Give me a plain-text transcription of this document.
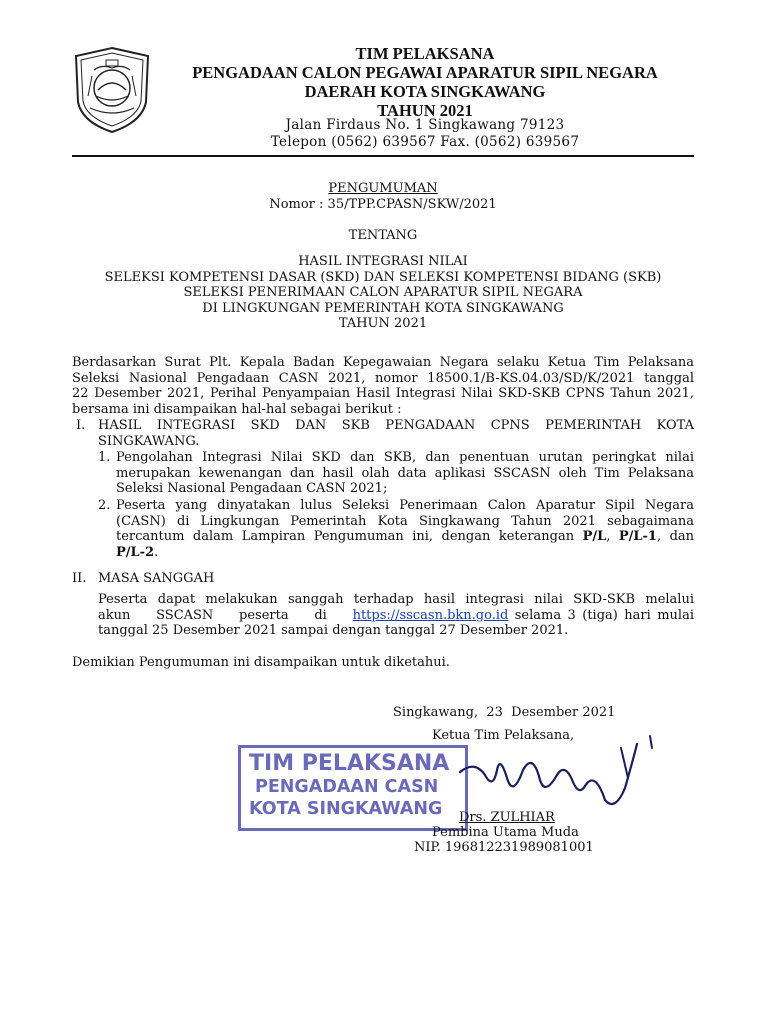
TIM PELAKSANA
PENGADAAN CALON PEGAWAI APARATUR SIPIL NEGARA
DAERAH KOTA SINGKAWANG
TAHUN 2021
Jalan Firdaus No. 1 Singkawang 79123
Telepon (0562) 639567 Fax. (0562) 639567
PENGUMUMAN
Nomor : 35/TPP.CPASN/SKW/2021
TENTANG
HASIL INTEGRASI NILAI
SELEKSI KOMPETENSI DASAR (SKD) DAN SELEKSI KOMPETENSI BIDANG (SKB)
SELEKSI PENERIMAAN CALON APARATUR SIPIL NEGARA
DI LINGKUNGAN PEMERINTAH KOTA SINGKAWANG
TAHUN 2021
Berdasarkan Surat Plt. Kepala Badan Kepegawaian Negara selaku Ketua Tim Pelaksana
Seleksi Nasional Pengadaan CASN 2021, nomor 18500.1/B-KS.04.03/SD/K/2021 tanggal
22 Desember 2021, Perihal Penyampaian Hasil Integrasi Nilai SKD-SKB CPNS Tahun 2021,
bersama ini disampaikan hal-hal sebagai berikut :
I. HASIL INTEGRASI SKD DAN SKB PENGADAAN CPNS PEMERINTAH KOTA
SINGKAWANG.
1. Pengolahan Integrasi Nilai SKD dan SKB, dan penentuan urutan peringkat nilai
merupakan kewenangan dan hasil olah data aplikasi SSCASN oleh Tim Pelaksana
Seleksi Nasional Pengadaan CASN 2021;
2. Peserta yang dinyatakan lulus Seleksi Penerimaan Calon Aparatur Sipil Negara
(CASN) di Lingkungan Pemerintah Kota Singkawang Tahun 2021 sebagaimana
tercantum dalam Lampiran Pengumuman ini, dengan keterangan P/L, P/L-1, dan
P/L-2.
II. MASA SANGGAH
Peserta dapat melakukan sanggah terhadap hasil integrasi nilai SKD-SKB melalui
akun    SSCASN    peserta    di    https://sscasn.bkn.go.id selama 3 (tiga) hari mulai
tanggal 25 Desember 2021 sampai dengan tanggal 27 Desember 2021.
Demikian Pengumuman ini disampaikan untuk diketahui.
Singkawang,  23  Desember 2021
Ketua Tim Pelaksana,
TIM PELAKSANA
PENGADAAN CASN
KOTA SINGKAWANG	Drs. ZULHIAR
Pembina Utama Muda
NIP. 196812231989081001
